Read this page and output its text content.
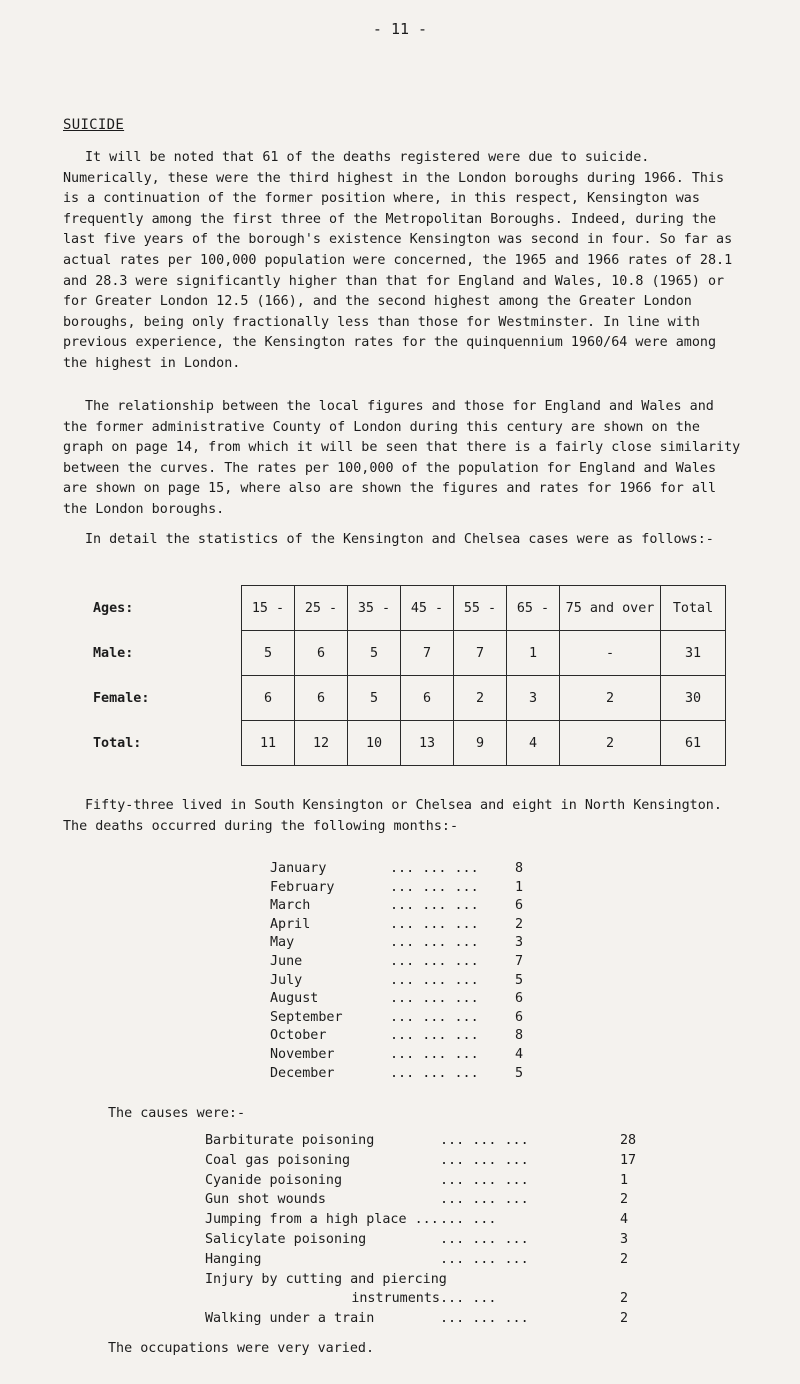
- 11 -
SUICIDE

It will be noted that 61 of the deaths registered were due to suicide. Numerically, these were the third highest in the London boroughs during 1966. This is a continuation of the former position where, in this respect, Kensington was frequently among the first three of the Metropolitan Boroughs. Indeed, during the last five years of the borough's existence Kensington was second in four. So far as actual rates per 100,000 population were concerned, the 1965 and 1966 rates of 28.1 and 28.3 were significantly higher than that for England and Wales, 10.8 (1965) or for Greater London 12.5 (166), and the second highest among the Greater London boroughs, being only fractionally less than those for Westminster. In line with previous experience, the Kensington rates for the quinquennium 1960/64 were among the highest in London.

The relationship between the local figures and those for England and Wales and the former administrative County of London during this century are shown on the graph on page 14, from which it will be seen that there is a fairly close similarity between the curves. The rates per 100,000 of the population for England and Wales are shown on page 15, where also are shown the figures and rates for 1966 for all the London boroughs.

In detail the statistics of the Kensington and Chelsea cases were as follows:-

Ages:	15 -	25 -	35 -	45 -	55 -	65 -	75 and over	Total
Male:	5	6	5	7	7	1	-	31
Female:	6	6	5	6	2	3	2	30
Total:	11	12	10	13	9	4	2	61

Fifty-three lived in South Kensington or Chelsea and eight in North Kensington. The deaths occurred during the following months:-

January	... ... ...	8
February	... ... ...	1
March	... ... ...	6
April	... ... ...	2
May	... ... ...	3
June	... ... ...	7
July	... ... ...	5
August	... ... ...	6
September	... ... ...	6
October	... ... ...	8
November	... ... ...	4
December	... ... ...	5
The causes were:-
Barbiturate poisoning	... ... ...	28
Coal gas poisoning	... ... ...	17
Cyanide poisoning	... ... ...	1
Gun shot wounds	... ... ...	2
Jumping from a high place ...... ...	4
Salicylate poisoning	... ... ...	3
Hanging	... ... ...	2
Injury by cutting and piercing
instruments... ...	2
Walking under a train	... ... ...	2
The occupations were very varied.
